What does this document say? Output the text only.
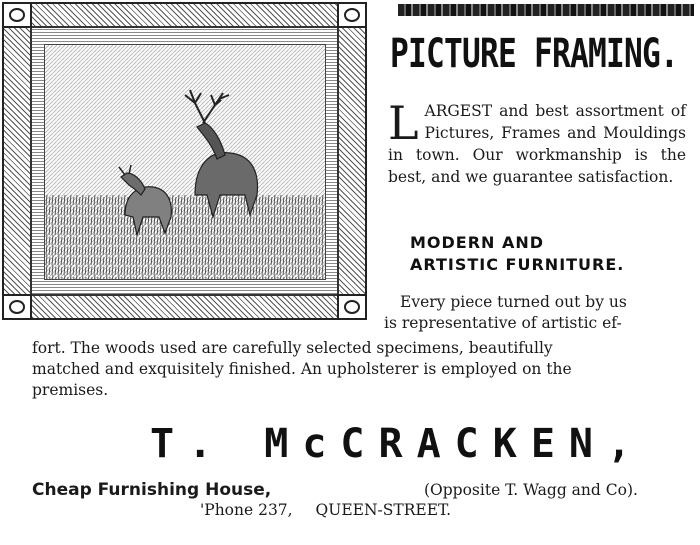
PICTURE FRAMING.
L ARGEST and best assortment of Pictures, Frames and Mouldings in town. Our workmanship is the best, and we guarantee satisfaction.

MODERN AND
ARTISTIC FURNITURE.
Every piece turned out by us
is representative of artistic ef-
fort. The woods used are carefully selected specimens, beautifully
matched and exquisitely finished. An upholsterer is employed on the
premises.
T. McCRACKEN,
Cheap Furnishing House,	(Opposite T. Wagg and Co).
'Phone 237, QUEEN-STREET.
